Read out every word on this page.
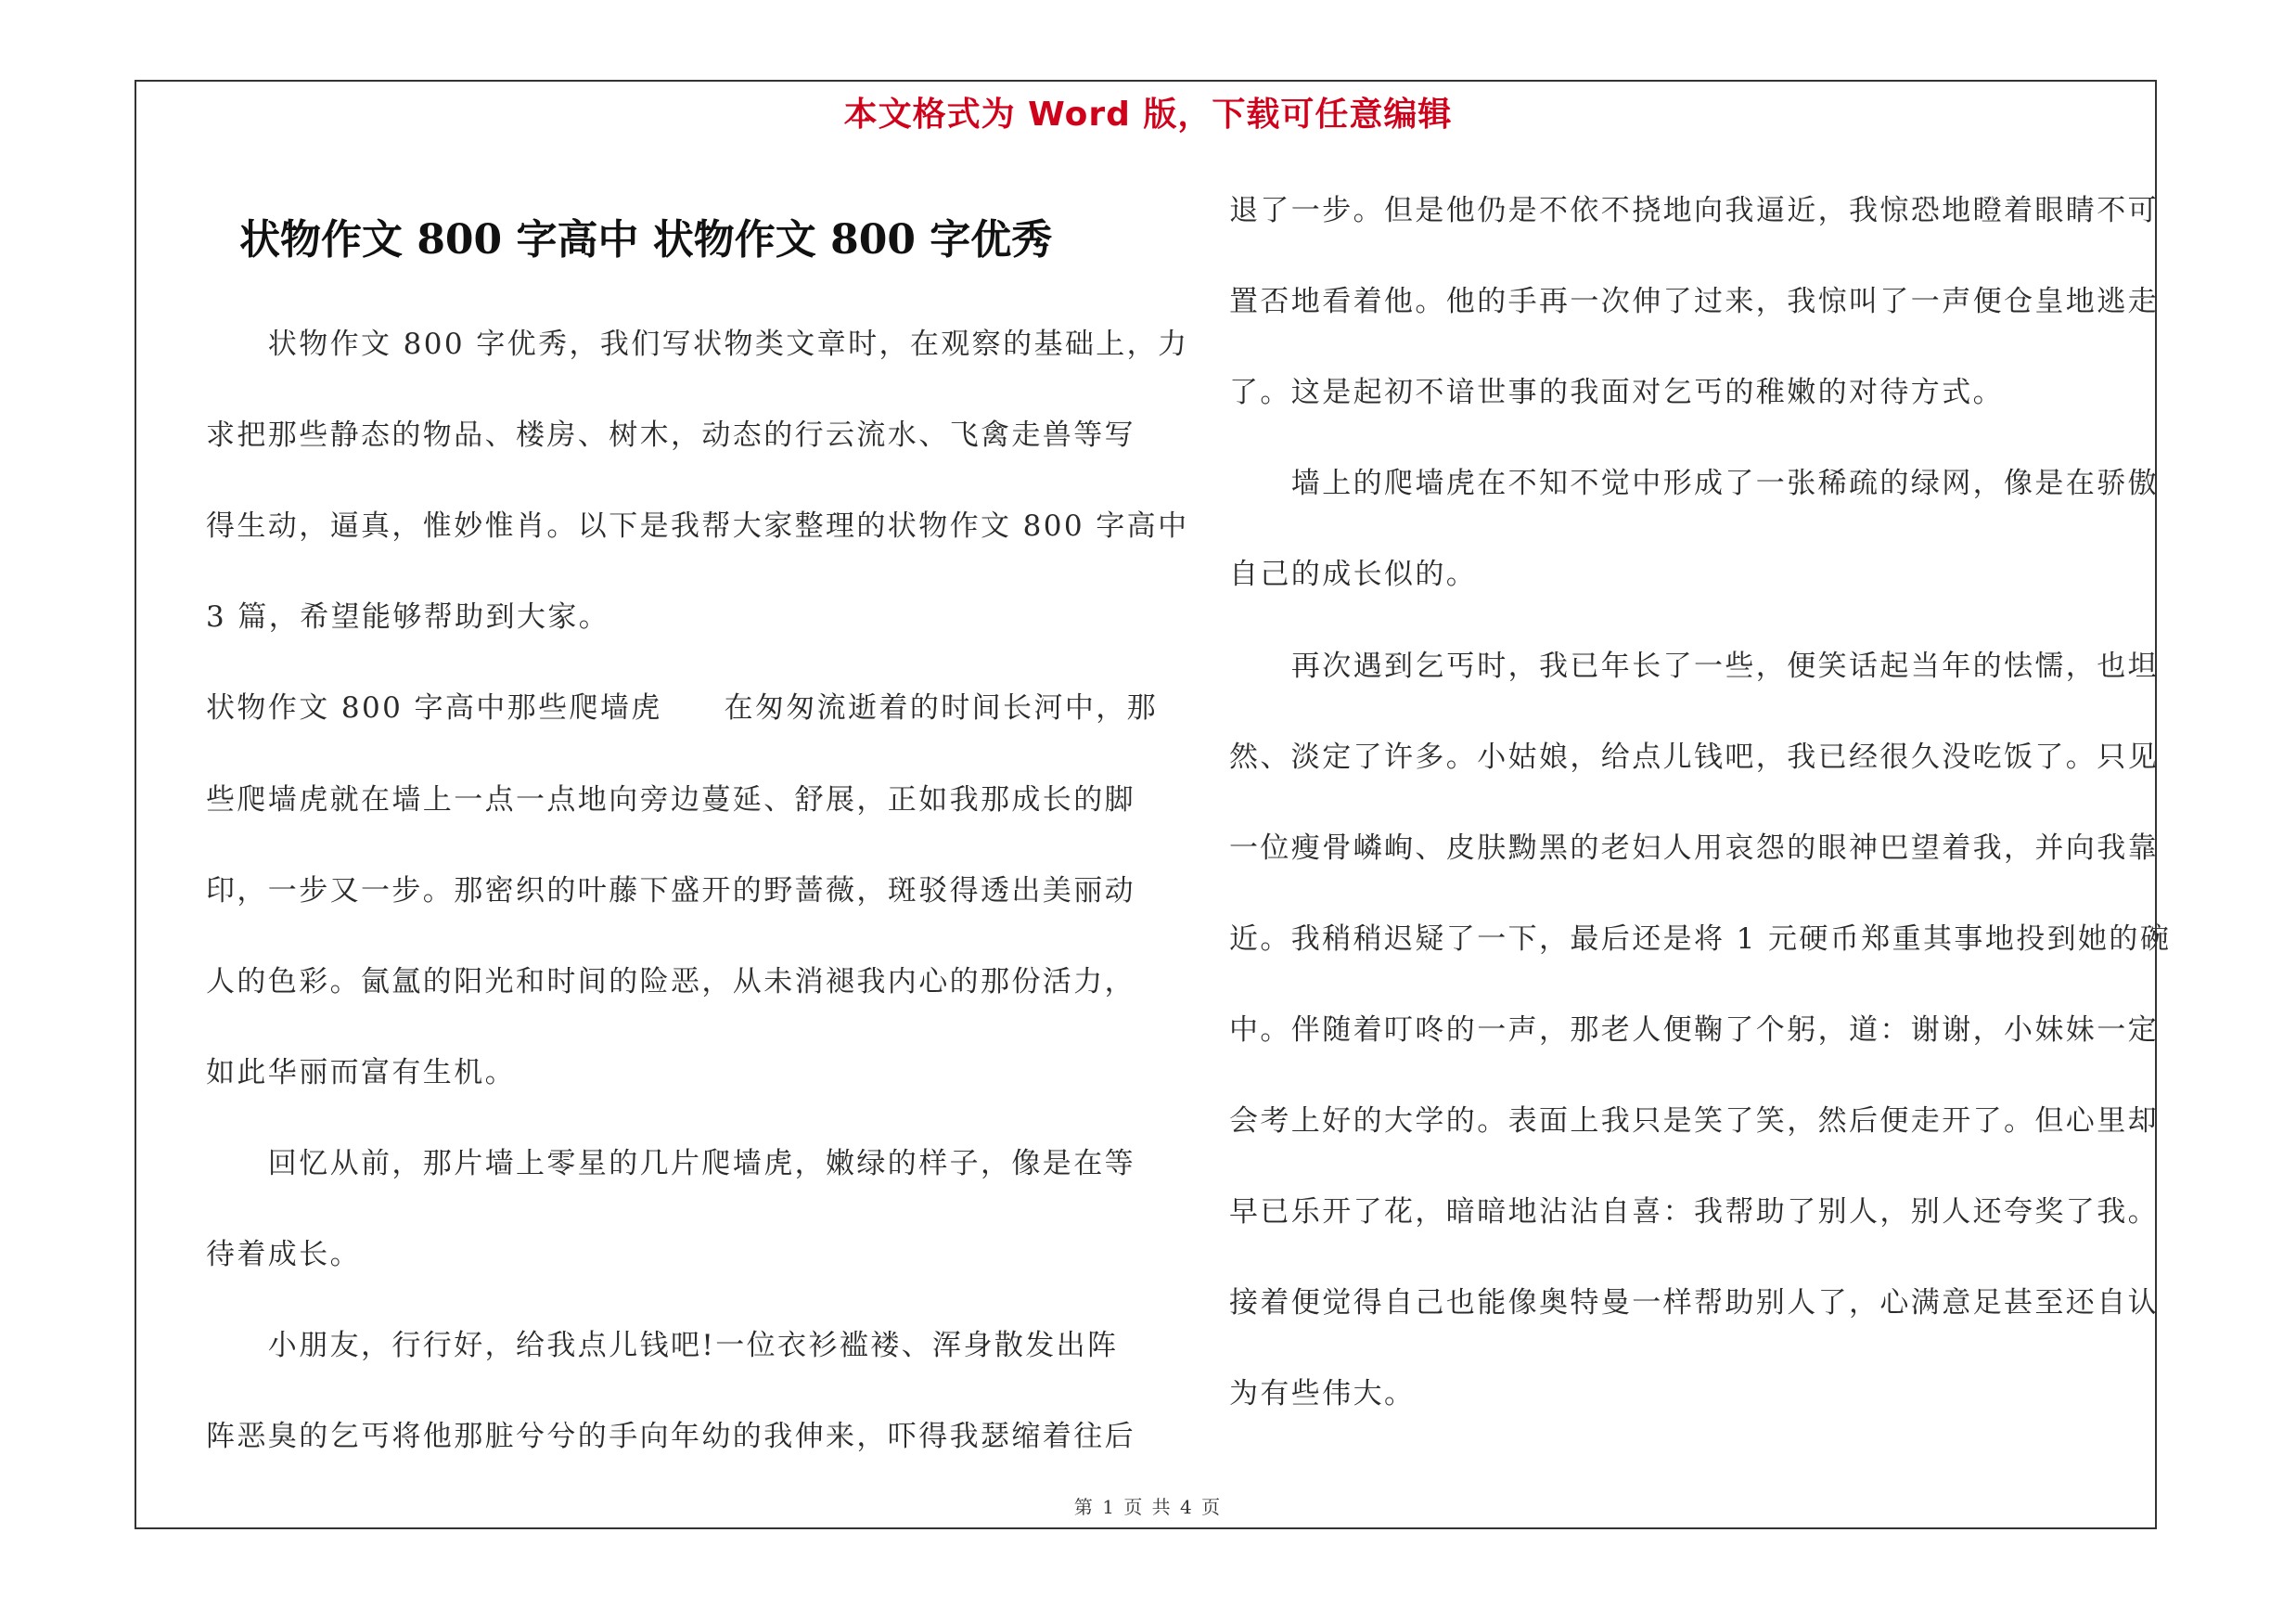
本文格式为 Word 版，下载可任意编辑
状物作文 800 字高中 状物作文 800 字优秀
　　状物作文 800 字优秀，我们写状物类文章时，在观察的基础上，力
求把那些静态的物品、楼房、树木，动态的行云流水、飞禽走兽等写
得生动，逼真，惟妙惟肖。以下是我帮大家整理的状物作文 800 字高中
3 篇，希望能够帮助到大家。
状物作文 800 字高中那些爬墙虎　　在匆匆流逝着的时间长河中，那
些爬墙虎就在墙上一点一点地向旁边蔓延、舒展，正如我那成长的脚
印，一步又一步。那密织的叶藤下盛开的野蔷薇，斑驳得透出美丽动
人的色彩。氤氲的阳光和时间的险恶，从未消褪我内心的那份活力，
如此华丽而富有生机。
　　回忆从前，那片墙上零星的几片爬墙虎，嫩绿的样子，像是在等
待着成长。
　　小朋友，行行好，给我点儿钱吧!一位衣衫褴褛、浑身散发出阵
阵恶臭的乞丐将他那脏兮兮的手向年幼的我伸来，吓得我瑟缩着往后
退了一步。但是他仍是不依不挠地向我逼近，我惊恐地瞪着眼睛不可
置否地看着他。他的手再一次伸了过来，我惊叫了一声便仓皇地逃走
了。这是起初不谙世事的我面对乞丐的稚嫩的对待方式。
　　墙上的爬墙虎在不知不觉中形成了一张稀疏的绿网，像是在骄傲
自己的成长似的。
　　再次遇到乞丐时，我已年长了一些，便笑话起当年的怯懦，也坦
然、淡定了许多。小姑娘，给点儿钱吧，我已经很久没吃饭了。只见
一位瘦骨嶙峋、皮肤黝黑的老妇人用哀怨的眼神巴望着我，并向我靠
近。我稍稍迟疑了一下，最后还是将 1 元硬币郑重其事地投到她的碗
中。伴随着叮咚的一声，那老人便鞠了个躬，道：谢谢，小妹妹一定
会考上好的大学的。表面上我只是笑了笑，然后便走开了。但心里却
早已乐开了花，暗暗地沾沾自喜：我帮助了别人，别人还夸奖了我。
接着便觉得自己也能像奥特曼一样帮助别人了，心满意足甚至还自认
为有些伟大。
第 1 页 共 4 页
